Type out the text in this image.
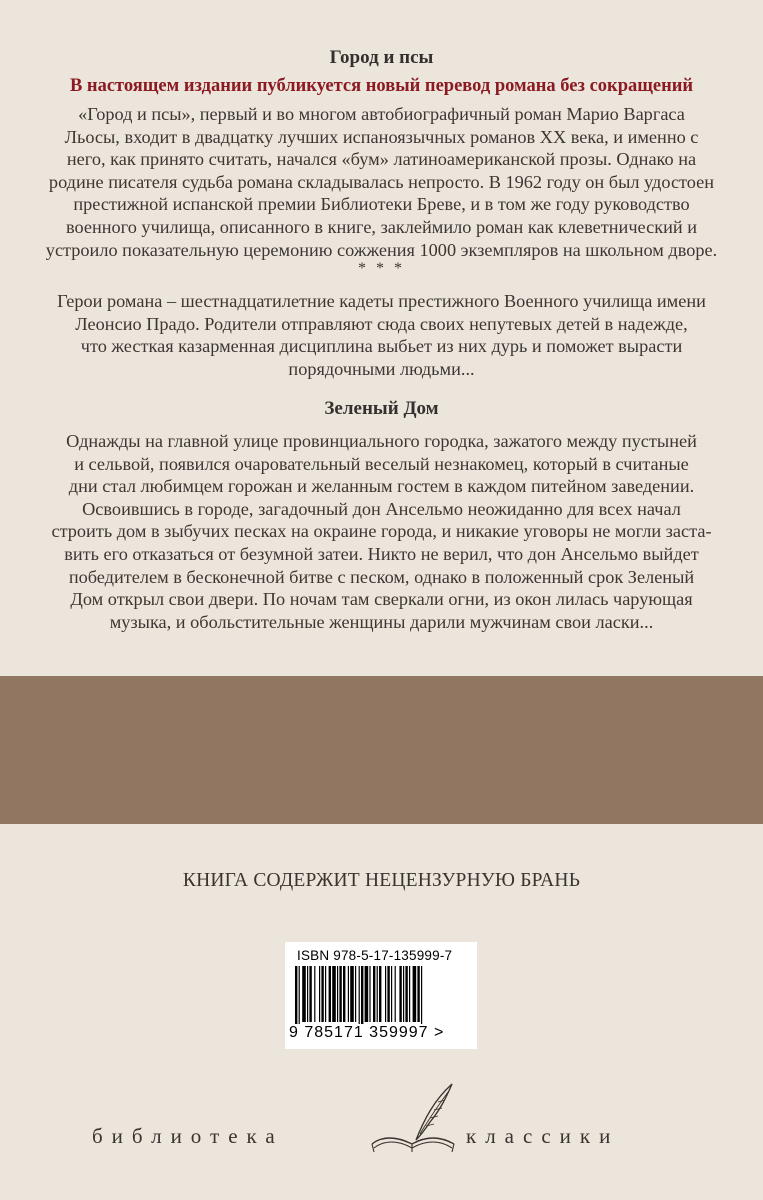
Город и псы
В настоящем издании публикуется новый перевод романа без сокращений
«Город и псы», первый и во многом автобиографичный роман Марио Варгаса
Льосы, входит в двадцатку лучших испаноязычных романов XX века, и именно с
него, как принято считать, начался «бум» латиноамериканской прозы. Однако на
родине писателя судьба романа складывалась непросто. В 1962 году он был удостоен
престижной испанской премии Библиотеки Бреве, и в том же году руководство
военного училища, описанного в книге, заклеймило роман как клеветнический и
устроило показательную церемонию сожжения 1000 экземпляров на школьном дворе.
* * *
Герои романа – шестнадцатилетние кадеты престижного Военного училища имени
Леонсио Прадо. Родители отправляют сюда своих непутевых детей в надежде,
что жесткая казарменная дисциплина выбьет из них дурь и поможет вырасти
порядочными людьми...
Зеленый Дом
Однажды на главной улице провинциального городка, зажатого между пустыней
и сельвой, появился очаровательный веселый незнакомец, который в считаные
дни стал любимцем горожан и желанным гостем в каждом питейном заведении.
Освоившись в городе, загадочный дон Ансельмо неожиданно для всех начал
строить дом в зыбучих песках на окраине города, и никакие уговоры не могли заста-
вить его отказаться от безумной затеи. Никто не верил, что дон Ансельмо выйдет
победителем в бесконечной битве с песком, однако в положенный срок Зеленый
Дом открыл свои двери. По ночам там сверкали огни, из окон лилась чарующая
музыка, и обольстительные женщины дарили мужчинам свои ласки...
КНИГА СОДЕРЖИТ НЕЦЕНЗУРНУЮ БРАНЬ
ISBN 978-5-17-135999-7
9 785171 359997 >
библиотека	классики
